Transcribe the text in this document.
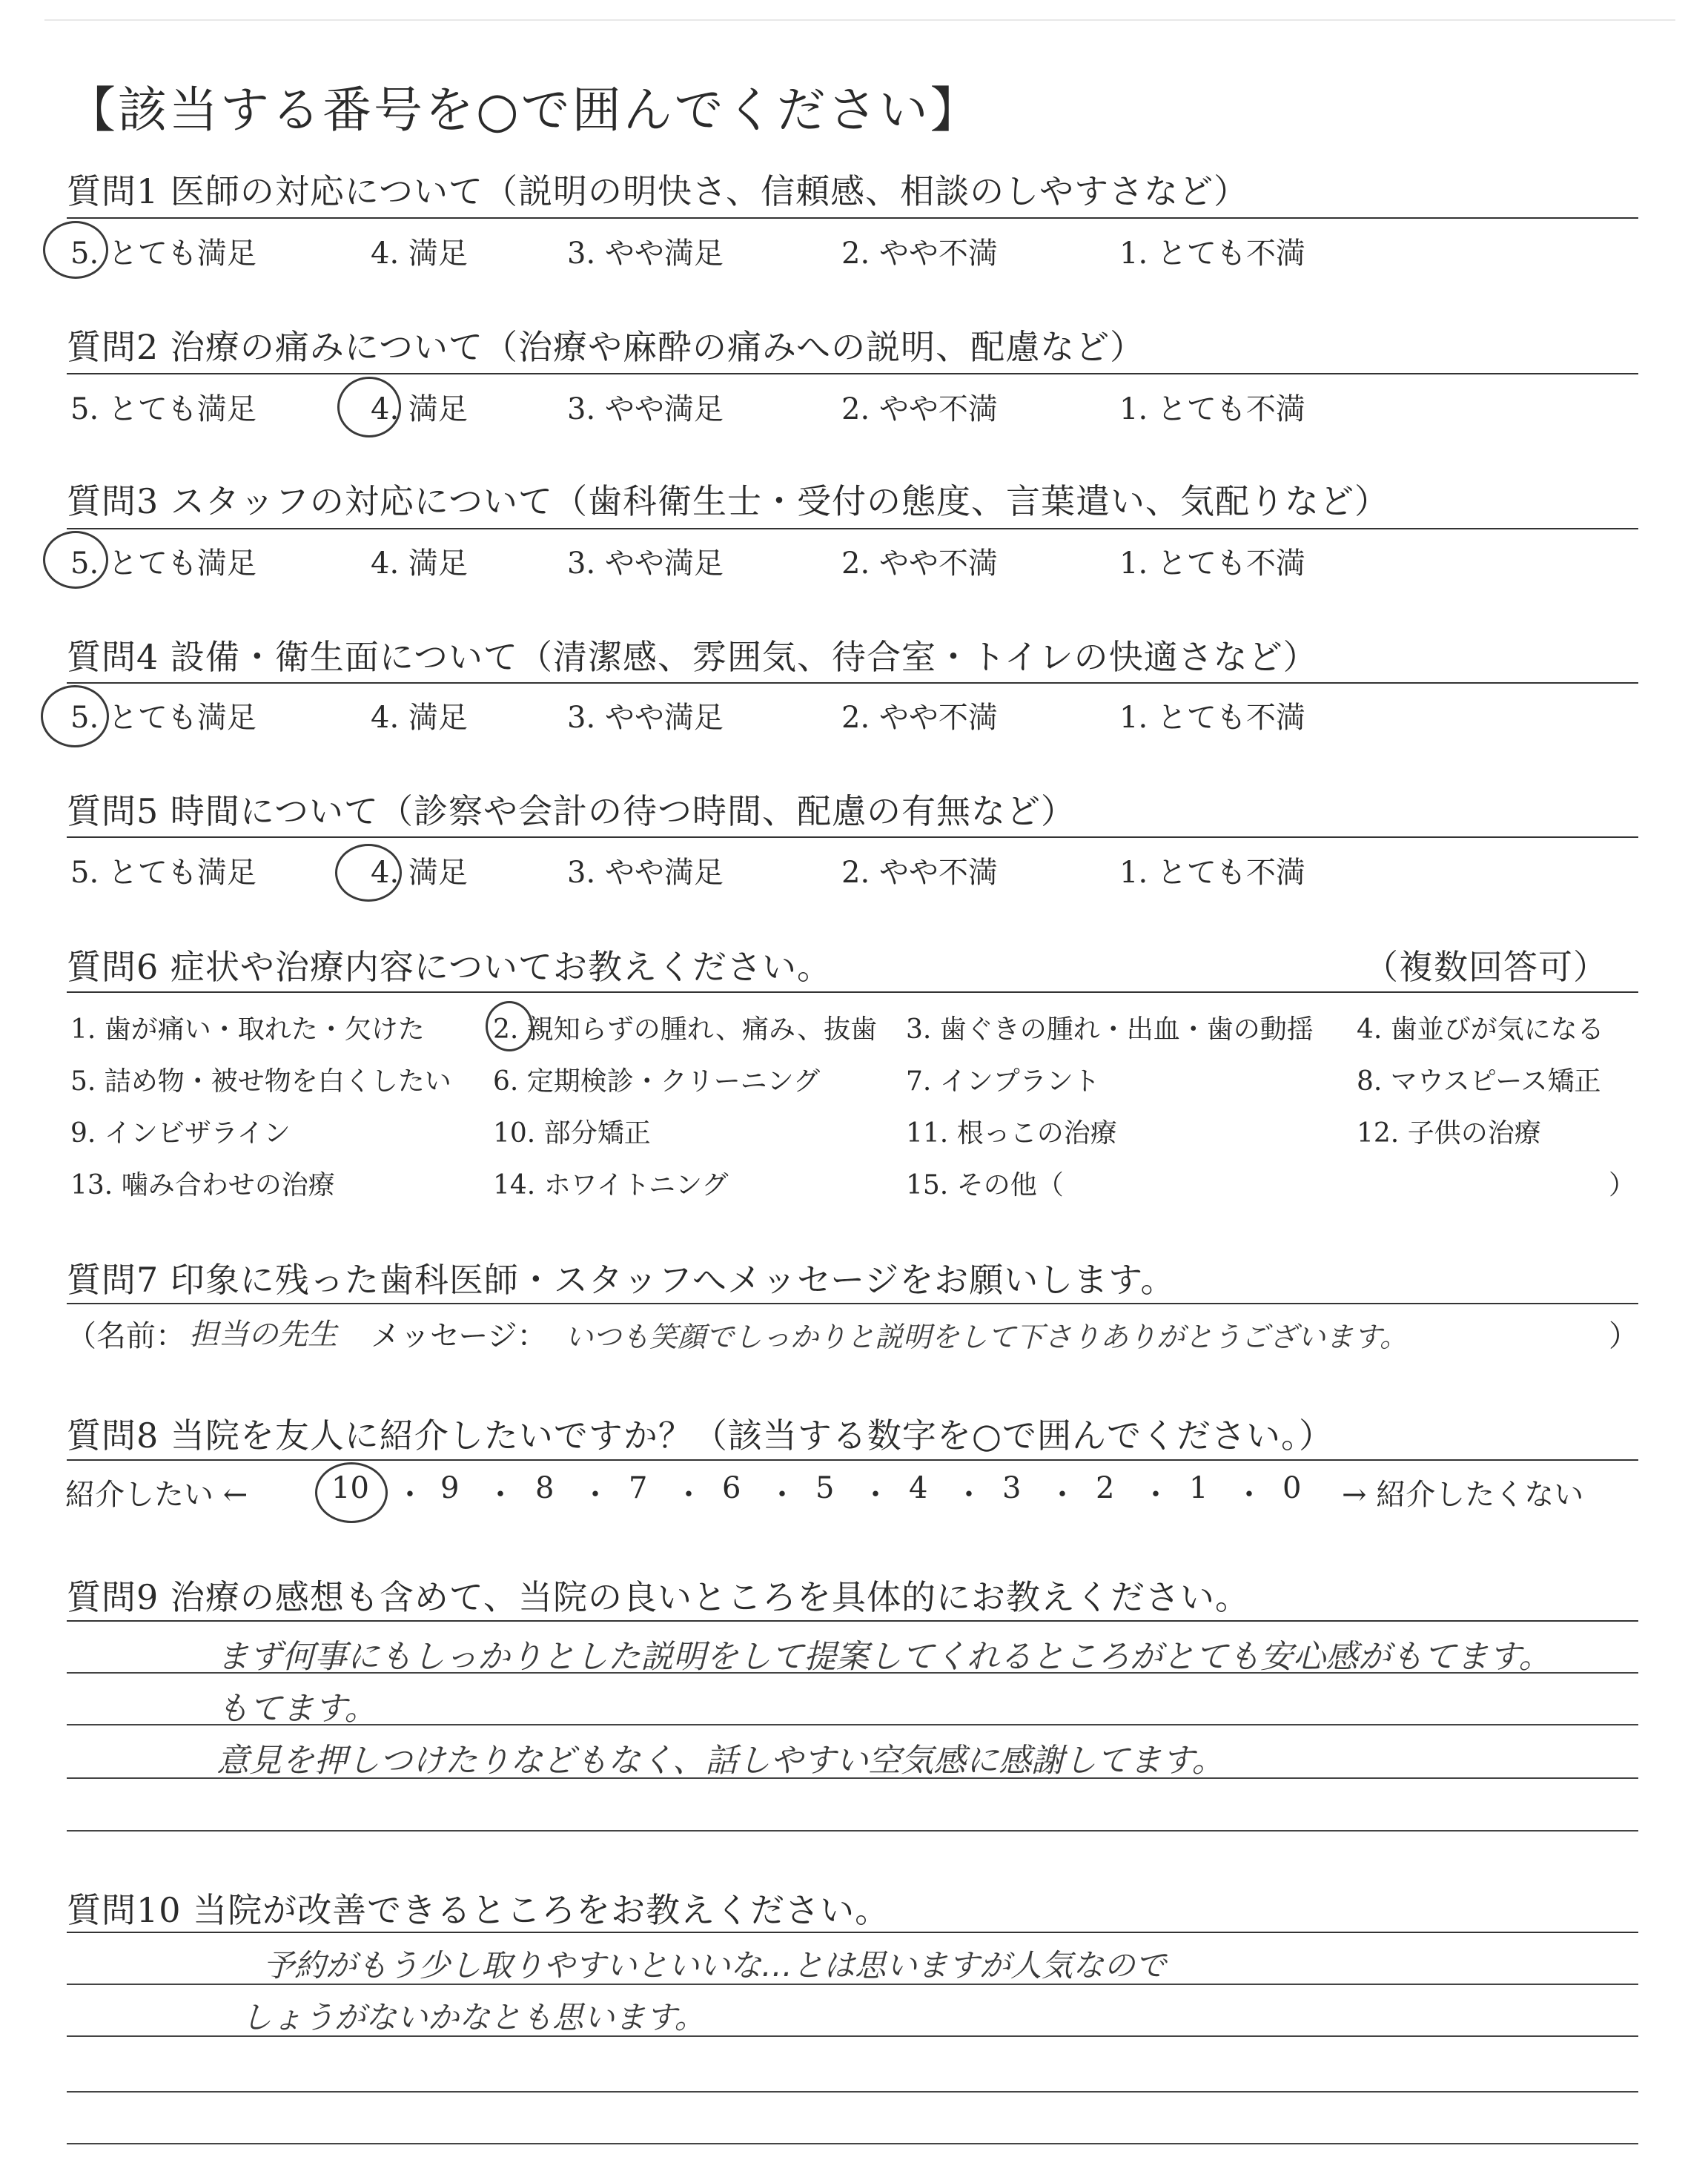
【該当する番号を○で囲んでください】
質問1 医師の対応について（説明の明快さ、信頼感、相談のしやすさなど）
5. とても満足	4. 満足	3. やや満足	2. やや不満	1. とても不満
質問2 治療の痛みについて（治療や麻酔の痛みへの説明、配慮など）
5. とても満足	4. 満足	3. やや満足	2. やや不満	1. とても不満
質問3 スタッフの対応について（歯科衛生士・受付の態度、言葉遣い、気配りなど）
5. とても満足	4. 満足	3. やや満足	2. やや不満	1. とても不満
質問4 設備・衛生面について（清潔感、雰囲気、待合室・トイレの快適さなど）
5. とても満足	4. 満足	3. やや満足	2. やや不満	1. とても不満
質問5 時間について（診察や会計の待つ時間、配慮の有無など）
5. とても満足	4. 満足	3. やや満足	2. やや不満	1. とても不満
質問6 症状や治療内容についてお教えください。	（複数回答可）
1. 歯が痛い・取れた・欠けた	2. 親知らずの腫れ、痛み、抜歯 3. 歯ぐきの腫れ・出血・歯の動揺 4. 歯並びが気になる
5. 詰め物・被せ物を白くしたい 6. 定期検診・クリーニング	7. インプラント	8. マウスピース矯正
9. インビザライン	10. 部分矯正	11. 根っこの治療	12. 子供の治療
13. 噛み合わせの治療	14. ホワイトニング	15. その他（	）
質問7 印象に残った歯科医師・スタッフへメッセージをお願いします。
（名前： 担当の先生 メッセージ： いつも笑顔でしっかりと説明をして下さりありがとうございます。	）
質問8 当院を友人に紹介したいですか？（該当する数字を○で囲んでください。）
紹介したい ←	10 ・ 9 ・ 8 ・ 7 ・ 6 ・ 5 ・ 4 ・ 3 ・ 2 ・ 1 ・ 0 → 紹介したくない
質問9 治療の感想も含めて、当院の良いところを具体的にお教えください。
まず何事にもしっかりとした説明をして提案してくれるところがとても安心感がもてます。
もてます。
意見を押しつけたりなどもなく、話しやすい空気感に感謝してます。
質問10 当院が改善できるところをお教えください。
予約がもう少し取りやすいといいな…とは思いますが人気なので
しょうがないかなとも思います。
